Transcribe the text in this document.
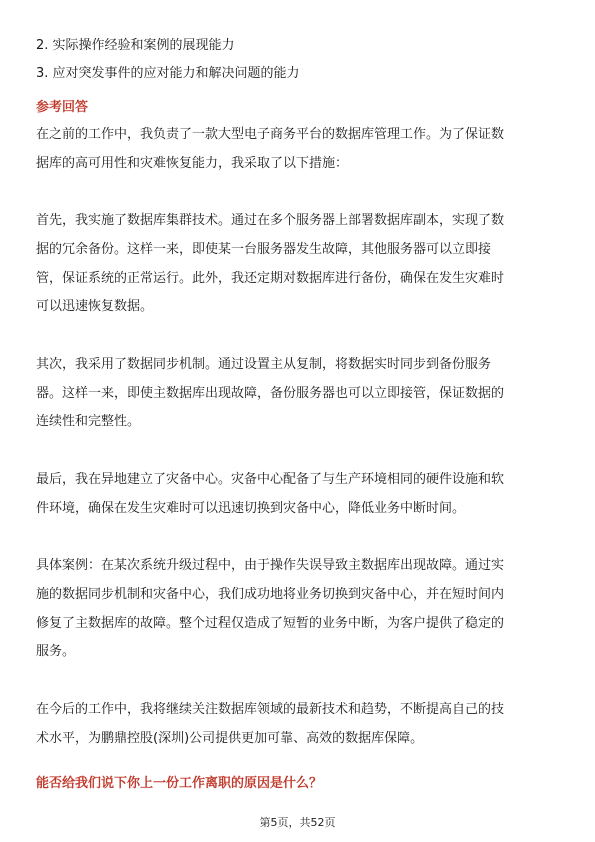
2. 实际操作经验和案例的展现能力
3. 应对突发事件的应对能力和解决问题的能力
参考回答
在之前的工作中，我负责了一款大型电子商务平台的数据库管理工作。为了保证数
据库的高可用性和灾难恢复能力，我采取了以下措施：
首先，我实施了数据库集群技术。通过在多个服务器上部署数据库副本，实现了数
据的冗余备份。这样一来，即使某一台服务器发生故障，其他服务器可以立即接
管，保证系统的正常运行。此外，我还定期对数据库进行备份，确保在发生灾难时
可以迅速恢复数据。
其次，我采用了数据同步机制。通过设置主从复制，将数据实时同步到备份服务
器。这样一来，即使主数据库出现故障，备份服务器也可以立即接管，保证数据的
连续性和完整性。
最后，我在异地建立了灾备中心。灾备中心配备了与生产环境相同的硬件设施和软
件环境，确保在发生灾难时可以迅速切换到灾备中心，降低业务中断时间。
具体案例：在某次系统升级过程中，由于操作失误导致主数据库出现故障。通过实
施的数据同步机制和灾备中心，我们成功地将业务切换到灾备中心，并在短时间内
修复了主数据库的故障。整个过程仅造成了短暂的业务中断，为客户提供了稳定的
服务。
在今后的工作中，我将继续关注数据库领域的最新技术和趋势，不断提高自己的技
术水平，为鹏鼎控股(深圳)公司提供更加可靠、高效的数据库保障。
能否给我们说下你上一份工作离职的原因是什么？
第5页，共52页
